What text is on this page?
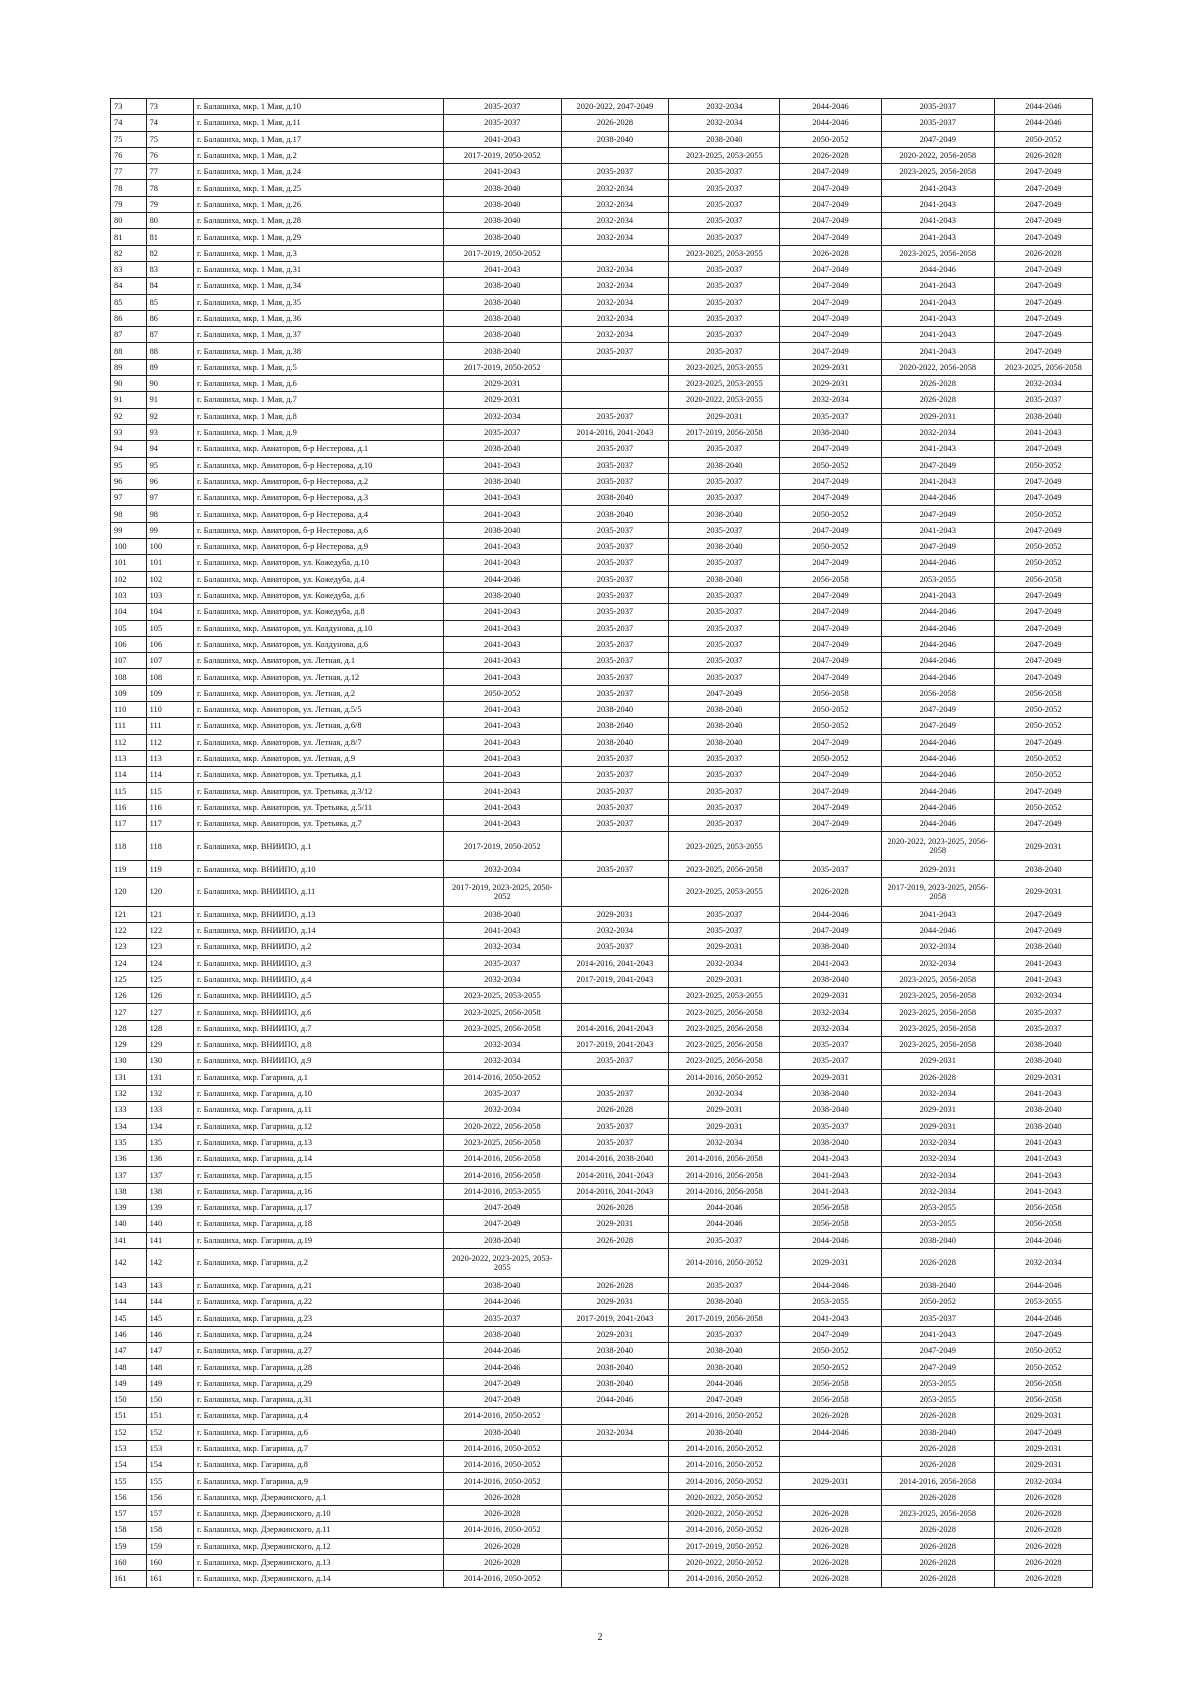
73	73	г. Балашиха, мкр. 1 Мая, д.10	2035-2037	2020-2022, 2047-2049	2032-2034	2044-2046	2035-2037	2044-2046
74	74	г. Балашиха, мкр. 1 Мая, д.11	2035-2037	2026-2028	2032-2034	2044-2046	2035-2037	2044-2046
75	75	г. Балашиха, мкр. 1 Мая, д.17	2041-2043	2038-2040	2038-2040	2050-2052	2047-2049	2050-2052
76	76	г. Балашиха, мкр. 1 Мая, д.2	2017-2019, 2050-2052		2023-2025, 2053-2055	2026-2028	2020-2022, 2056-2058	2026-2028
77	77	г. Балашиха, мкр. 1 Мая, д.24	2041-2043	2035-2037	2035-2037	2047-2049	2023-2025, 2056-2058	2047-2049
78	78	г. Балашиха, мкр. 1 Мая, д.25	2038-2040	2032-2034	2035-2037	2047-2049	2041-2043	2047-2049
79	79	г. Балашиха, мкр. 1 Мая, д.26	2038-2040	2032-2034	2035-2037	2047-2049	2041-2043	2047-2049
80	80	г. Балашиха, мкр. 1 Мая, д.28	2038-2040	2032-2034	2035-2037	2047-2049	2041-2043	2047-2049
81	81	г. Балашиха, мкр. 1 Мая, д.29	2038-2040	2032-2034	2035-2037	2047-2049	2041-2043	2047-2049
82	82	г. Балашиха, мкр. 1 Мая, д.3	2017-2019, 2050-2052		2023-2025, 2053-2055	2026-2028	2023-2025, 2056-2058	2026-2028
83	83	г. Балашиха, мкр. 1 Мая, д.31	2041-2043	2032-2034	2035-2037	2047-2049	2044-2046	2047-2049
84	84	г. Балашиха, мкр. 1 Мая, д.34	2038-2040	2032-2034	2035-2037	2047-2049	2041-2043	2047-2049
85	85	г. Балашиха, мкр. 1 Мая, д.35	2038-2040	2032-2034	2035-2037	2047-2049	2041-2043	2047-2049
86	86	г. Балашиха, мкр. 1 Мая, д.36	2038-2040	2032-2034	2035-2037	2047-2049	2041-2043	2047-2049
87	87	г. Балашиха, мкр. 1 Мая, д.37	2038-2040	2032-2034	2035-2037	2047-2049	2041-2043	2047-2049
88	88	г. Балашиха, мкр. 1 Мая, д.38	2038-2040	2035-2037	2035-2037	2047-2049	2041-2043	2047-2049
89	89	г. Балашиха, мкр. 1 Мая, д.5	2017-2019, 2050-2052		2023-2025, 2053-2055	2029-2031	2020-2022, 2056-2058	2023-2025, 2056-2058
90	90	г. Балашиха, мкр. 1 Мая, д.6	2029-2031		2023-2025, 2053-2055	2029-2031	2026-2028	2032-2034
91	91	г. Балашиха, мкр. 1 Мая, д.7	2029-2031		2020-2022, 2053-2055	2032-2034	2026-2028	2035-2037
92	92	г. Балашиха, мкр. 1 Мая, д.8	2032-2034	2035-2037	2029-2031	2035-2037	2029-2031	2038-2040
93	93	г. Балашиха, мкр. 1 Мая, д.9	2035-2037	2014-2016, 2041-2043	2017-2019, 2056-2058	2038-2040	2032-2034	2041-2043
94	94	г. Балашиха, мкр. Авиаторов, б-р Нестерова, д.1	2038-2040	2035-2037	2035-2037	2047-2049	2041-2043	2047-2049
95	95	г. Балашиха, мкр. Авиаторов, б-р Нестерова, д.10	2041-2043	2035-2037	2038-2040	2050-2052	2047-2049	2050-2052
96	96	г. Балашиха, мкр. Авиаторов, б-р Нестерова, д.2	2038-2040	2035-2037	2035-2037	2047-2049	2041-2043	2047-2049
97	97	г. Балашиха, мкр. Авиаторов, б-р Нестерова, д.3	2041-2043	2038-2040	2035-2037	2047-2049	2044-2046	2047-2049
98	98	г. Балашиха, мкр. Авиаторов, б-р Нестерова, д.4	2041-2043	2038-2040	2038-2040	2050-2052	2047-2049	2050-2052
99	99	г. Балашиха, мкр. Авиаторов, б-р Нестерова, д.6	2038-2040	2035-2037	2035-2037	2047-2049	2041-2043	2047-2049
100	100	г. Балашиха, мкр. Авиаторов, б-р Нестерова, д.9	2041-2043	2035-2037	2038-2040	2050-2052	2047-2049	2050-2052
101	101	г. Балашиха, мкр. Авиаторов, ул. Кожедуба, д.10	2041-2043	2035-2037	2035-2037	2047-2049	2044-2046	2050-2052
102	102	г. Балашиха, мкр. Авиаторов, ул. Кожедуба, д.4	2044-2046	2035-2037	2038-2040	2056-2058	2053-2055	2056-2058
103	103	г. Балашиха, мкр. Авиаторов, ул. Кожедуба, д.6	2038-2040	2035-2037	2035-2037	2047-2049	2041-2043	2047-2049
104	104	г. Балашиха, мкр. Авиаторов, ул. Кожедуба, д.8	2041-2043	2035-2037	2035-2037	2047-2049	2044-2046	2047-2049
105	105	г. Балашиха, мкр. Авиаторов, ул. Колдунова, д.10	2041-2043	2035-2037	2035-2037	2047-2049	2044-2046	2047-2049
106	106	г. Балашиха, мкр. Авиаторов, ул. Колдунова, д.6	2041-2043	2035-2037	2035-2037	2047-2049	2044-2046	2047-2049
107	107	г. Балашиха, мкр. Авиаторов, ул. Летная, д.1	2041-2043	2035-2037	2035-2037	2047-2049	2044-2046	2047-2049
108	108	г. Балашиха, мкр. Авиаторов, ул. Летная, д.12	2041-2043	2035-2037	2035-2037	2047-2049	2044-2046	2047-2049
109	109	г. Балашиха, мкр. Авиаторов, ул. Летная, д.2	2050-2052	2035-2037	2047-2049	2056-2058	2056-2058	2056-2058
110	110	г. Балашиха, мкр. Авиаторов, ул. Летная, д.5/5	2041-2043	2038-2040	2038-2040	2050-2052	2047-2049	2050-2052
111	111	г. Балашиха, мкр. Авиаторов, ул. Летная, д.6/8	2041-2043	2038-2040	2038-2040	2050-2052	2047-2049	2050-2052
112	112	г. Балашиха, мкр. Авиаторов, ул. Летная, д.8/7	2041-2043	2038-2040	2038-2040	2047-2049	2044-2046	2047-2049
113	113	г. Балашиха, мкр. Авиаторов, ул. Летная, д.9	2041-2043	2035-2037	2035-2037	2050-2052	2044-2046	2050-2052
114	114	г. Балашиха, мкр. Авиаторов, ул. Третьяка, д.1	2041-2043	2035-2037	2035-2037	2047-2049	2044-2046	2050-2052
115	115	г. Балашиха, мкр. Авиаторов, ул. Третьяка, д.3/12	2041-2043	2035-2037	2035-2037	2047-2049	2044-2046	2047-2049
116	116	г. Балашиха, мкр. Авиаторов, ул. Третьяка, д.5/11	2041-2043	2035-2037	2035-2037	2047-2049	2044-2046	2050-2052
117	117	г. Балашиха, мкр. Авиаторов, ул. Третьяка, д.7	2041-2043	2035-2037	2035-2037	2047-2049	2044-2046	2047-2049
118	118	г. Балашиха, мкр. ВНИИПО, д.1	2017-2019, 2050-2052		2023-2025, 2053-2055		2020-2022, 2023-2025, 2056-2058	2029-2031
119	119	г. Балашиха, мкр. ВНИИПО, д.10	2032-2034	2035-2037	2023-2025, 2056-2058	2035-2037	2029-2031	2038-2040
120	120	г. Балашиха, мкр. ВНИИПО, д.11	2017-2019, 2023-2025, 2050-2052		2023-2025, 2053-2055	2026-2028	2017-2019, 2023-2025, 2056-2058	2029-2031
121	121	г. Балашиха, мкр. ВНИИПО, д.13	2038-2040	2029-2031	2035-2037	2044-2046	2041-2043	2047-2049
122	122	г. Балашиха, мкр. ВНИИПО, д.14	2041-2043	2032-2034	2035-2037	2047-2049	2044-2046	2047-2049
123	123	г. Балашиха, мкр. ВНИИПО, д.2	2032-2034	2035-2037	2029-2031	2038-2040	2032-2034	2038-2040
124	124	г. Балашиха, мкр. ВНИИПО, д.3	2035-2037	2014-2016, 2041-2043	2032-2034	2041-2043	2032-2034	2041-2043
125	125	г. Балашиха, мкр. ВНИИПО, д.4	2032-2034	2017-2019, 2041-2043	2029-2031	2038-2040	2023-2025, 2056-2058	2041-2043
126	126	г. Балашиха, мкр. ВНИИПО, д.5	2023-2025, 2053-2055		2023-2025, 2053-2055	2029-2031	2023-2025, 2056-2058	2032-2034
127	127	г. Балашиха, мкр. ВНИИПО, д.6	2023-2025, 2056-2058		2023-2025, 2056-2058	2032-2034	2023-2025, 2056-2058	2035-2037
128	128	г. Балашиха, мкр. ВНИИПО, д.7	2023-2025, 2056-2058	2014-2016, 2041-2043	2023-2025, 2056-2058	2032-2034	2023-2025, 2056-2058	2035-2037
129	129	г. Балашиха, мкр. ВНИИПО, д.8	2032-2034	2017-2019, 2041-2043	2023-2025, 2056-2058	2035-2037	2023-2025, 2056-2058	2038-2040
130	130	г. Балашиха, мкр. ВНИИПО, д.9	2032-2034	2035-2037	2023-2025, 2056-2058	2035-2037	2029-2031	2038-2040
131	131	г. Балашиха, мкр. Гагарина, д.1	2014-2016, 2050-2052		2014-2016, 2050-2052	2029-2031	2026-2028	2029-2031
132	132	г. Балашиха, мкр. Гагарина, д.10	2035-2037	2035-2037	2032-2034	2038-2040	2032-2034	2041-2043
133	133	г. Балашиха, мкр. Гагарина, д.11	2032-2034	2026-2028	2029-2031	2038-2040	2029-2031	2038-2040
134	134	г. Балашиха, мкр. Гагарина, д.12	2020-2022, 2056-2058	2035-2037	2029-2031	2035-2037	2029-2031	2038-2040
135	135	г. Балашиха, мкр. Гагарина, д.13	2023-2025, 2056-2058	2035-2037	2032-2034	2038-2040	2032-2034	2041-2043
136	136	г. Балашиха, мкр. Гагарина, д.14	2014-2016, 2056-2058	2014-2016, 2038-2040	2014-2016, 2056-2058	2041-2043	2032-2034	2041-2043
137	137	г. Балашиха, мкр. Гагарина, д.15	2014-2016, 2056-2058	2014-2016, 2041-2043	2014-2016, 2056-2058	2041-2043	2032-2034	2041-2043
138	138	г. Балашиха, мкр. Гагарина, д.16	2014-2016, 2053-2055	2014-2016, 2041-2043	2014-2016, 2056-2058	2041-2043	2032-2034	2041-2043
139	139	г. Балашиха, мкр. Гагарина, д.17	2047-2049	2026-2028	2044-2046	2056-2058	2053-2055	2056-2058
140	140	г. Балашиха, мкр. Гагарина, д.18	2047-2049	2029-2031	2044-2046	2056-2058	2053-2055	2056-2058
141	141	г. Балашиха, мкр. Гагарина, д.19	2038-2040	2026-2028	2035-2037	2044-2046	2038-2040	2044-2046
142	142	г. Балашиха, мкр. Гагарина, д.2	2020-2022, 2023-2025, 2053-2055		2014-2016, 2050-2052	2029-2031	2026-2028	2032-2034
143	143	г. Балашиха, мкр. Гагарина, д.21	2038-2040	2026-2028	2035-2037	2044-2046	2038-2040	2044-2046
144	144	г. Балашиха, мкр. Гагарина, д.22	2044-2046	2029-2031	2038-2040	2053-2055	2050-2052	2053-2055
145	145	г. Балашиха, мкр. Гагарина, д.23	2035-2037	2017-2019, 2041-2043	2017-2019, 2056-2058	2041-2043	2035-2037	2044-2046
146	146	г. Балашиха, мкр. Гагарина, д.24	2038-2040	2029-2031	2035-2037	2047-2049	2041-2043	2047-2049
147	147	г. Балашиха, мкр. Гагарина, д.27	2044-2046	2038-2040	2038-2040	2050-2052	2047-2049	2050-2052
148	148	г. Балашиха, мкр. Гагарина, д.28	2044-2046	2038-2040	2038-2040	2050-2052	2047-2049	2050-2052
149	149	г. Балашиха, мкр. Гагарина, д.29	2047-2049	2038-2040	2044-2046	2056-2058	2053-2055	2056-2058
150	150	г. Балашиха, мкр. Гагарина, д.31	2047-2049	2044-2046	2047-2049	2056-2058	2053-2055	2056-2058
151	151	г. Балашиха, мкр. Гагарина, д.4	2014-2016, 2050-2052		2014-2016, 2050-2052	2026-2028	2026-2028	2029-2031
152	152	г. Балашиха, мкр. Гагарина, д.6	2038-2040	2032-2034	2038-2040	2044-2046	2038-2040	2047-2049
153	153	г. Балашиха, мкр. Гагарина, д.7	2014-2016, 2050-2052		2014-2016, 2050-2052		2026-2028	2029-2031
154	154	г. Балашиха, мкр. Гагарина, д.8	2014-2016, 2050-2052		2014-2016, 2050-2052		2026-2028	2029-2031
155	155	г. Балашиха, мкр. Гагарина, д.9	2014-2016, 2050-2052		2014-2016, 2050-2052	2029-2031	2014-2016, 2056-2058	2032-2034
156	156	г. Балашиха, мкр. Дзержинского, д.1	2026-2028		2020-2022, 2050-2052		2026-2028	2026-2028
157	157	г. Балашиха, мкр. Дзержинского, д.10	2026-2028		2020-2022, 2050-2052	2026-2028	2023-2025, 2056-2058	2026-2028
158	158	г. Балашиха, мкр. Дзержинского, д.11	2014-2016, 2050-2052		2014-2016, 2050-2052	2026-2028	2026-2028	2026-2028
159	159	г. Балашиха, мкр. Дзержинского, д.12	2026-2028		2017-2019, 2050-2052	2026-2028	2026-2028	2026-2028
160	160	г. Балашиха, мкр. Дзержинского, д.13	2026-2028		2020-2022, 2050-2052	2026-2028	2026-2028	2026-2028
161	161	г. Балашиха, мкр. Дзержинского, д.14	2014-2016, 2050-2052		2014-2016, 2050-2052	2026-2028	2026-2028	2026-2028
2
